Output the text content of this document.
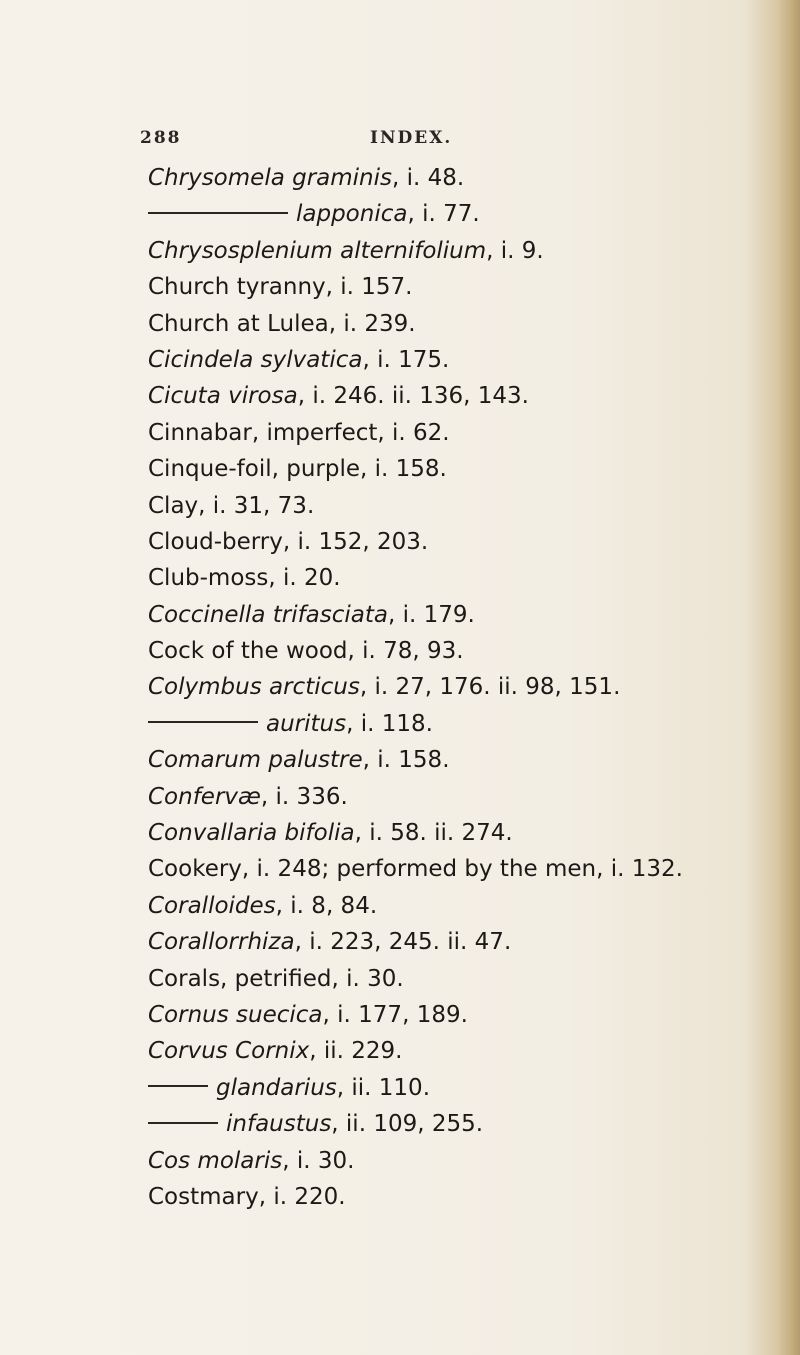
288	INDEX.
Chrysomela graminis, i. 48.
lapponica, i. 77.
Chrysosplenium alternifolium, i. 9.
Church tyranny, i. 157.
Church at Lulea, i. 239.
Cicindela sylvatica, i. 175.
Cicuta virosa, i. 246. ii. 136, 143.
Cinnabar, imperfect, i. 62.
Cinque-foil, purple, i. 158.
Clay, i. 31, 73.
Cloud-berry, i. 152, 203.
Club-moss, i. 20.
Coccinella trifasciata, i. 179.
Cock of the wood, i. 78, 93.
Colymbus arcticus, i. 27, 176. ii. 98, 151.
auritus, i. 118.
Comarum palustre, i. 158.
Confervæ, i. 336.
Convallaria bifolia, i. 58. ii. 274.
Cookery, i. 248; performed by the men, i. 132.
Coralloides, i. 8, 84.
Corallorrhiza, i. 223, 245. ii. 47.
Corals, petrified, i. 30.
Cornus suecica, i. 177, 189.
Corvus Cornix, ii. 229.
glandarius, ii. 110.
infaustus, ii. 109, 255.
Cos molaris, i. 30.
Costmary, i. 220.
